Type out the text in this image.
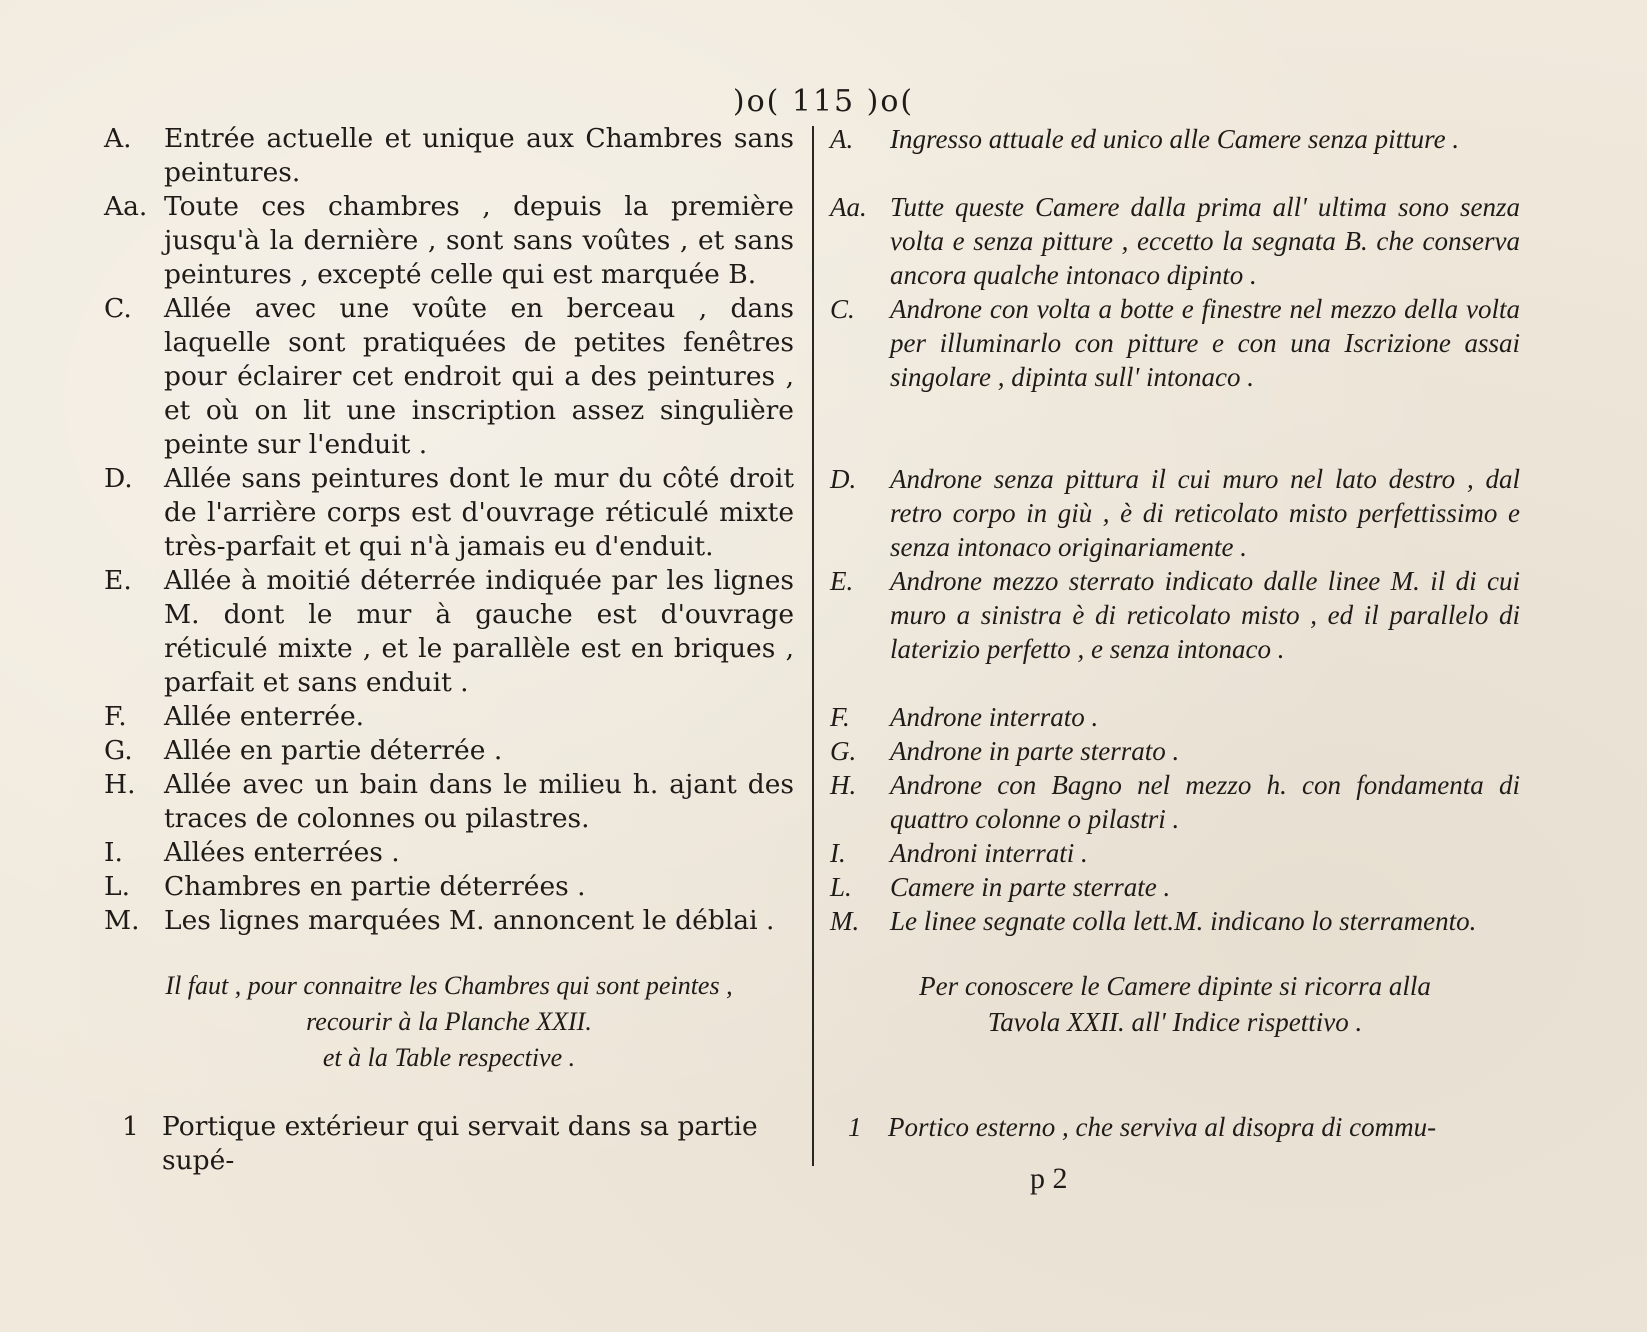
)o( 115 )o(
A.	Entrée actuelle et unique aux Chambres sans peintures.
Aa. Toute ces chambres , depuis la première jusqu'à la dernière , sont sans voûtes , et sans peintures , excepté celle qui est marquée B.
C.	Allée avec une voûte en berceau , dans laquelle sont pratiquées de petites fenêtres pour éclairer cet endroit qui a des peintures , et où on lit une inscription assez singulière peinte sur l'enduit .
D.	Allée sans peintures dont le mur du côté droit de l'arrière corps est d'ouvrage réticulé mixte très-parfait et qui n'à jamais eu d'enduit.
E.	Allée à moitié déterrée indiquée par les lignes M. dont le mur à gauche est d'ouvrage réticulé mixte , et le parallèle est en briques , parfait et sans enduit .
F.	Allée enterrée.
G.	Allée en partie déterrée .
H.	Allée avec un bain dans le milieu h. ajant des traces de colonnes ou pilastres.
I.	Allées enterrées .
L.	Chambres en partie déterrées .
M. Les lignes marquées M. annoncent le déblai .
Il faut , pour connaitre les Chambres qui sont peintes ,
recourir à la Planche XXII.
et à la Table respective .
1 Portique extérieur qui servait dans sa partie supé-
A.	Ingresso attuale ed unico alle Camere senza pitture .
Aa. Tutte queste Camere dalla prima all' ultima sono senza volta e senza pitture , eccetto la segnata B. che conserva ancora qualche intonaco dipinto .
C.	Androne con volta a botte e finestre nel mezzo della volta per illuminarlo con pitture e con una Iscrizione assai singolare , dipinta sull' intonaco .
D.	Androne senza pittura il cui muro nel lato destro , dal retro corpo in giù , è di reticolato misto perfettissimo e senza intonaco originariamente .
E.	Androne mezzo sterrato indicato dalle linee M. il di cui muro a sinistra è di reticolato misto , ed il parallelo di laterizio perfetto , e senza intonaco .
F.	Androne interrato .
G.	Androne in parte sterrato .
H.	Androne con Bagno nel mezzo h. con fondamenta di quattro colonne o pilastri .
I.	Androni interrati .
L.	Camere in parte sterrate .
M.	Le linee segnate colla lett.M. indicano lo sterramento.
Per conoscere le Camere dipinte si ricorra alla
Tavola XXII. all' Indice rispettivo .
1 Portico esterno , che serviva al disopra di commu-
p 2
